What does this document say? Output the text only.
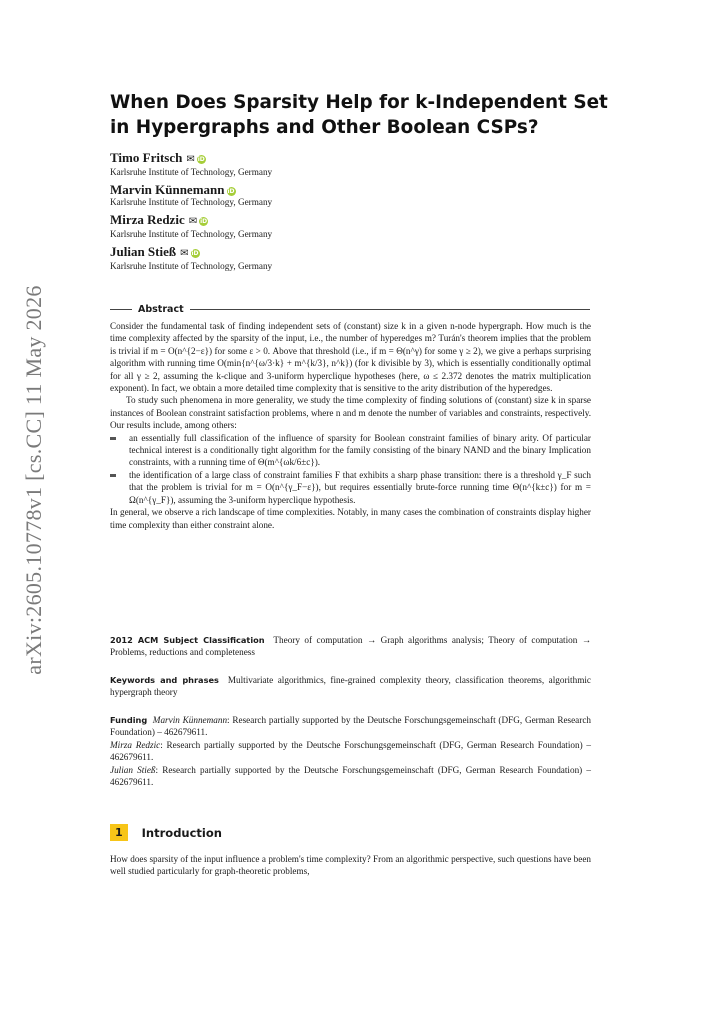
arXiv:2605.10778v1 [cs.CC] 11 May 2026
When Does Sparsity Help for k-Independent Set
in Hypergraphs and Other Boolean CSPs?
Timo Fritsch ✉ iD
Karlsruhe Institute of Technology, Germany
Marvin Künnemann iD
Karlsruhe Institute of Technology, Germany
Mirza Redzic ✉ iD
Karlsruhe Institute of Technology, Germany
Julian Stieß ✉ iD
Karlsruhe Institute of Technology, Germany
Abstract

Consider the fundamental task of finding independent sets of (constant) size k in a given n-node hypergraph. How much is the time complexity affected by the sparsity of the input, i.e., the number of hyperedges m? Turán's theorem implies that the problem is trivial if m = O(n^{2−ε}) for some ε > 0. Above that threshold (i.e., if m = Θ(n^γ) for some γ ≥ 2), we give a perhaps surprising algorithm with running time O(min{n^{ω/3·k} + m^{k/3}, n^k}) (for k divisible by 3), which is essentially conditionally optimal for all γ ≥ 2, assuming the k-clique and 3-uniform hyperclique hypotheses (here, ω ≤ 2.372 denotes the matrix multiplication exponent). In fact, we obtain a more detailed time complexity that is sensitive to the arity distribution of the hyperedges.

To study such phenomena in more generality, we study the time complexity of finding solutions of (constant) size k in sparse instances of Boolean constraint satisfaction problems, where n and m denote the number of variables and constraints, respectively. Our results include, among others:

an essentially full classification of the influence of sparsity for Boolean constraint families of binary arity. Of particular technical interest is a conditionally tight algorithm for the family consisting of the binary NAND and the binary Implication constraints, with a running time of Θ(m^{ωk/6±c}).
the identification of a large class of constraint families F that exhibits a sharp phase transition: there is a threshold γ_F such that the problem is trivial for m = O(n^{γ_F−ε}), but requires essentially brute-force running time Θ(n^{k±c}) for m = Ω(n^{γ_F}), assuming the 3-uniform hyperclique hypothesis.

In general, we observe a rich landscape of time complexities. Notably, in many cases the combination of constraints display higher time complexity than either constraint alone.

2012 ACM Subject Classification Theory of computation → Graph algorithms analysis; Theory of computation → Problems, reductions and completeness
Keywords and phrases Multivariate algorithmics, fine-grained complexity theory, classification theorems, algorithmic hypergraph theory

Funding Marvin Künnemann: Research partially supported by the Deutsche Forschungsgemeinschaft (DFG, German Research Foundation) – 462679611.

Mirza Redzic: Research partially supported by the Deutsche Forschungsgemeinschaft (DFG, German Research Foundation) – 462679611.

Julian Stieß: Research partially supported by the Deutsche Forschungsgemeinschaft (DFG, German Research Foundation) – 462679611.

1	Introduction

How does sparsity of the input influence a problem's time complexity? From an algorithmic perspective, such questions have been well studied particularly for graph-theoretic problems,
